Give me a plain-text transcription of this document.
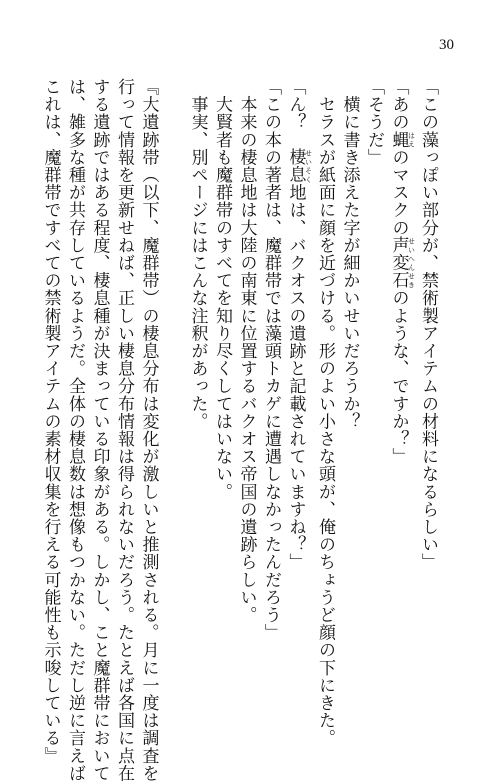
30

「この藻っぽい部分が、禁術製アイテムの材料になるらしい」

「あの蝿 はえのマスクの声変石 せいへんせきのような、ですか？」

「そうだ」

　横に書き添えた字が細かいせいだろうか？

　セラスが紙面に顔を近づける。形のよい小さな頭が、俺のちょうど顔の下にきた。

「ん？　棲息 せいそく地は、バクオスの遺跡と記載されていますね？」

「この本の著者は、魔群帯では藻頭トカゲに遭遇しなかったんだろう」

　本来の棲息地は大陸の南東に位置するバクオス帝国の遺跡らしい。

　大賢者も魔群帯のすべてを知り尽くしてはいない。

　事実、別ページにはこんな注釈があった。

『大遺跡帯（以下、魔群帯）の棲息分布は変化が激しいと推測される。月に一度は調査を

行って情報を更新せねば、正しい棲息分布情報は得られないだろう。たとえば各国に点在

する遺跡ではある程度、棲息種が決まっている印象がある。しかし、こと魔群帯において

は、雑多な種が共存しているようだ。全体の棲息数は想像もつかない。ただし逆に言えば

これは、魔群帯ですべての禁術製アイテムの素材収集を行える可能性も示唆している』
